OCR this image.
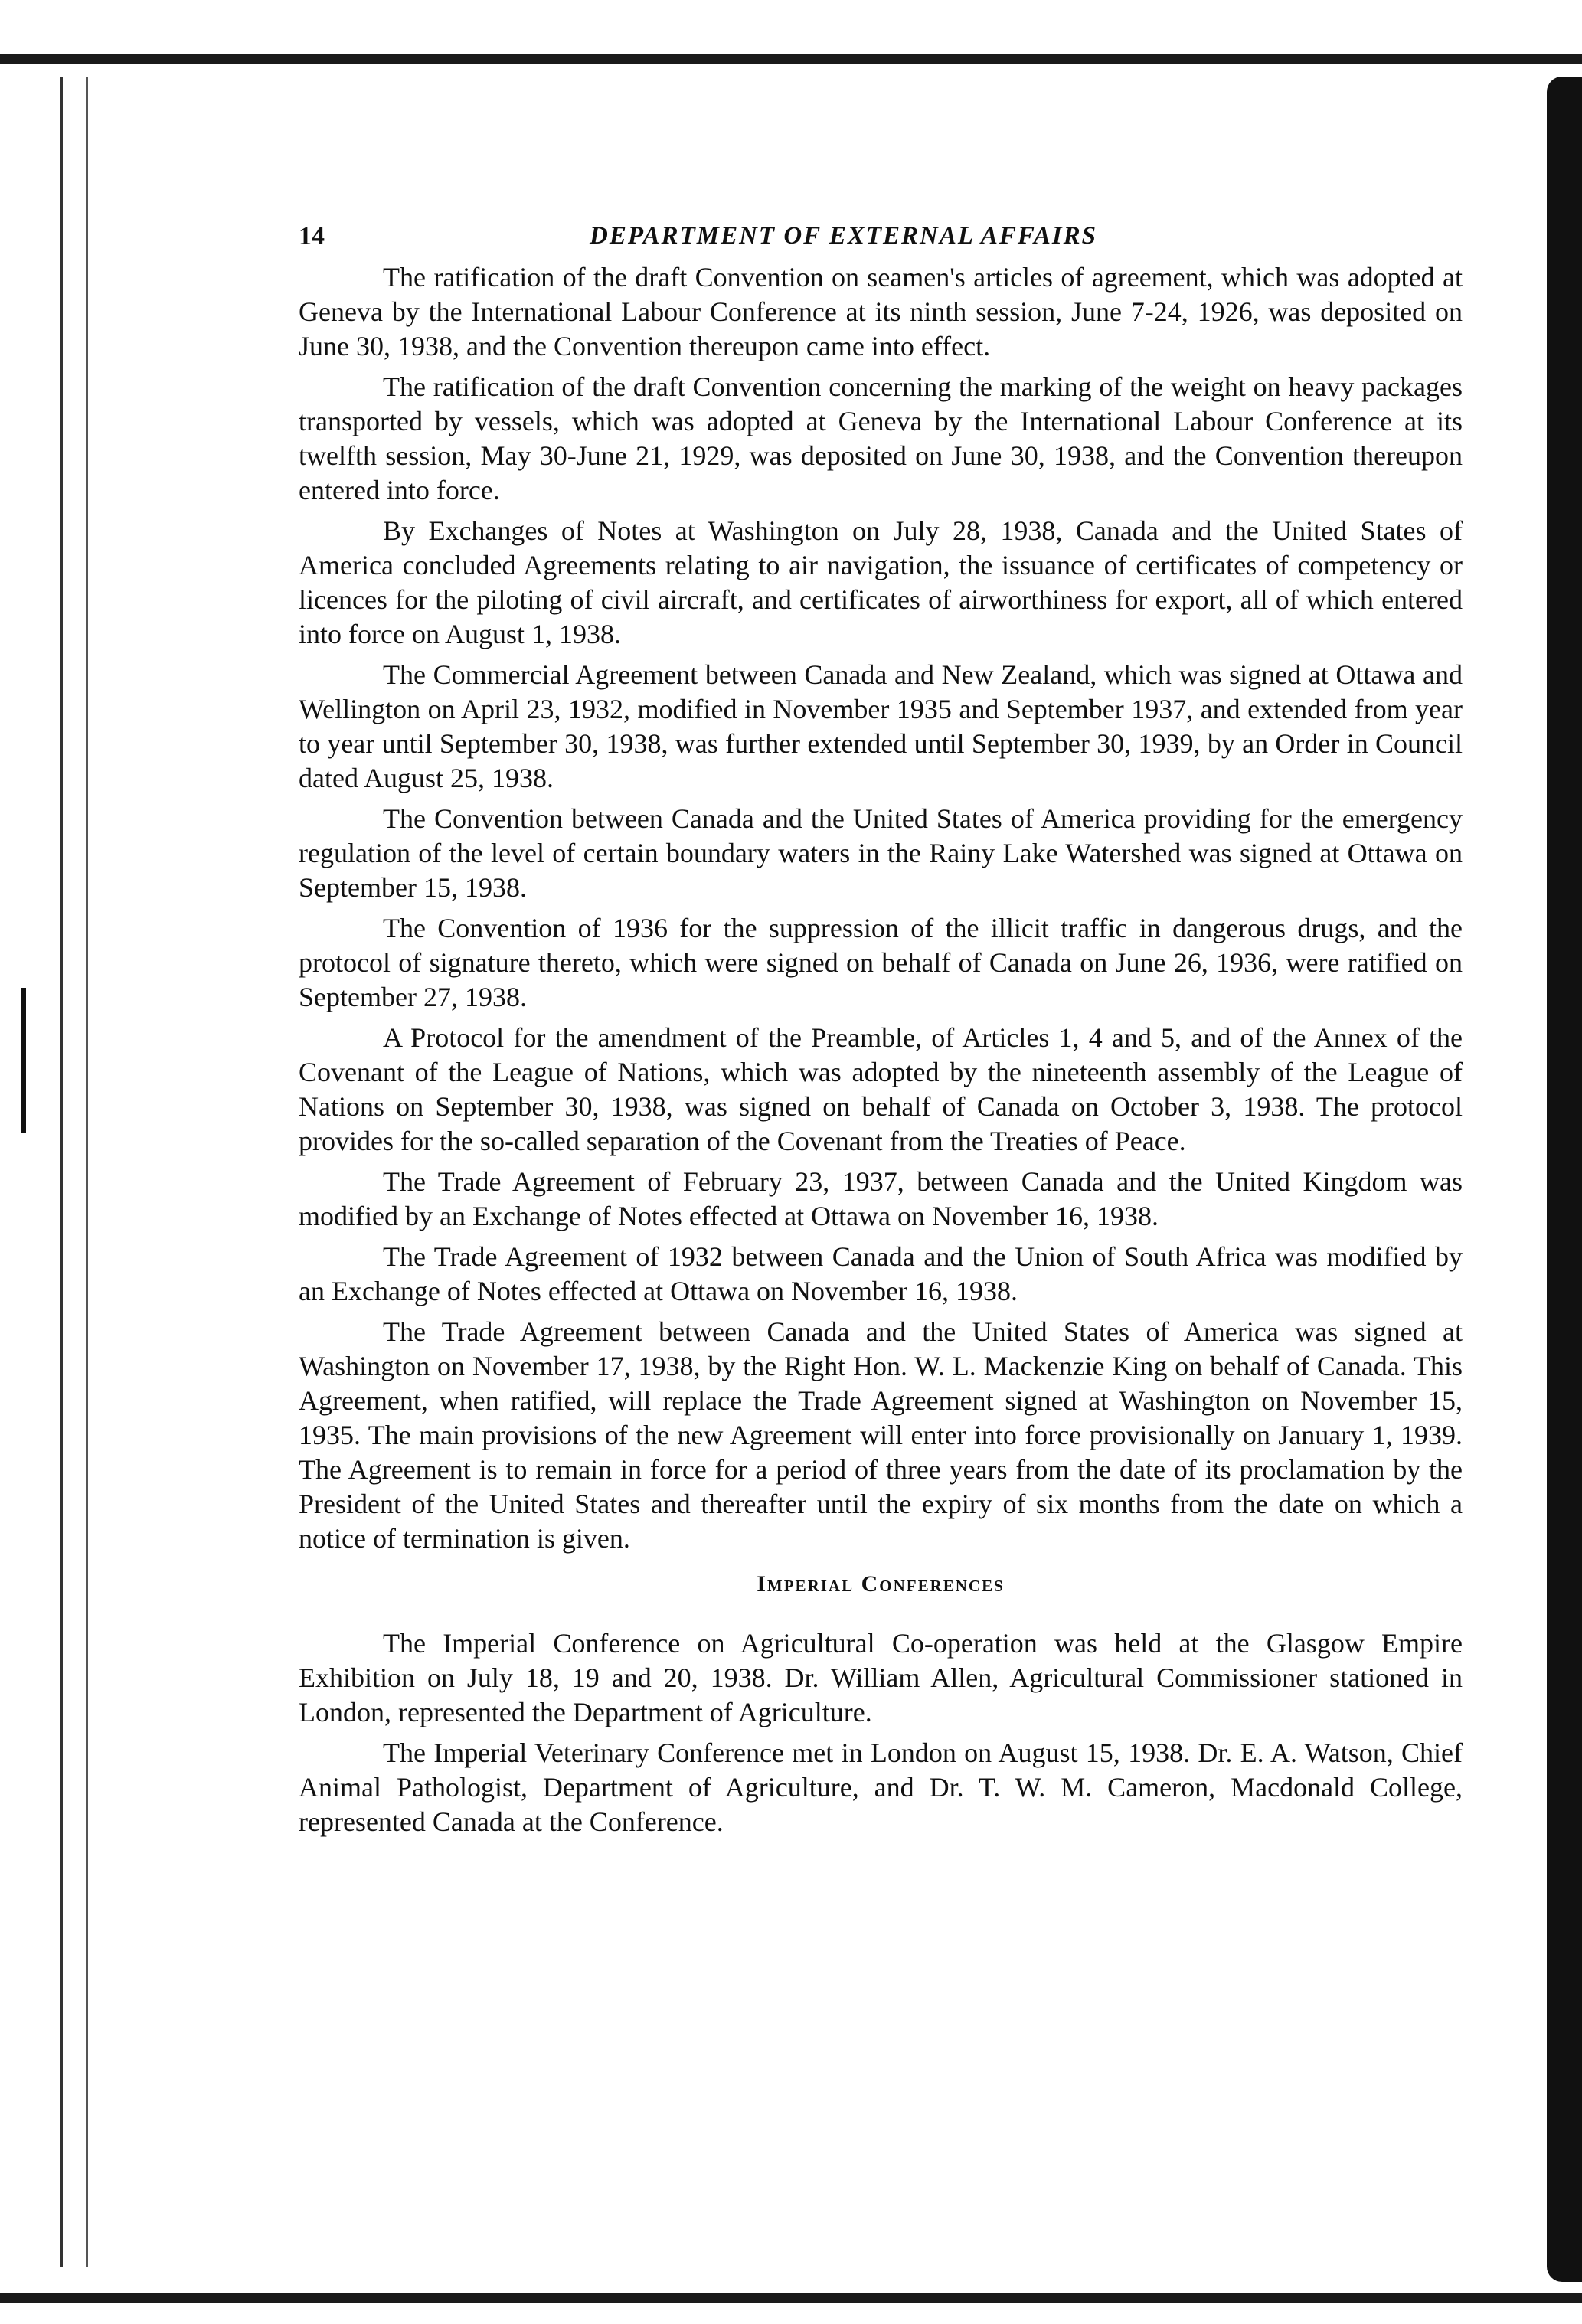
14	DEPARTMENT OF EXTERNAL AFFAIRS

The ratification of the draft Convention on seamen's articles of agreement, which was adopted at Geneva by the International Labour Conference at its ninth session, June 7-24, 1926, was deposited on June 30, 1938, and the Convention thereupon came into effect.

The ratification of the draft Convention concerning the marking of the weight on heavy packages transported by vessels, which was adopted at Geneva by the International Labour Conference at its twelfth session, May 30-June 21, 1929, was deposited on June 30, 1938, and the Convention thereupon entered into force.

By Exchanges of Notes at Washington on July 28, 1938, Canada and the United States of America concluded Agreements relating to air navigation, the issuance of certificates of competency or licences for the piloting of civil aircraft, and certificates of airworthiness for export, all of which entered into force on August 1, 1938.

The Commercial Agreement between Canada and New Zealand, which was signed at Ottawa and Wellington on April 23, 1932, modified in November 1935 and September 1937, and extended from year to year until September 30, 1938, was further extended until September 30, 1939, by an Order in Council dated August 25, 1938.

The Convention between Canada and the United States of America providing for the emergency regulation of the level of certain boundary waters in the Rainy Lake Watershed was signed at Ottawa on September 15, 1938.

The Convention of 1936 for the suppression of the illicit traffic in dangerous drugs, and the protocol of signature thereto, which were signed on behalf of Canada on June 26, 1936, were ratified on September 27, 1938.

A Protocol for the amendment of the Preamble, of Articles 1, 4 and 5, and of the Annex of the Covenant of the League of Nations, which was adopted by the nineteenth assembly of the League of Nations on September 30, 1938, was signed on behalf of Canada on October 3, 1938. The protocol provides for the so-called separation of the Covenant from the Treaties of Peace.

The Trade Agreement of February 23, 1937, between Canada and the United Kingdom was modified by an Exchange of Notes effected at Ottawa on November 16, 1938.

The Trade Agreement of 1932 between Canada and the Union of South Africa was modified by an Exchange of Notes effected at Ottawa on November 16, 1938.

The Trade Agreement between Canada and the United States of America was signed at Washington on November 17, 1938, by the Right Hon. W. L. Mackenzie King on behalf of Canada. This Agreement, when ratified, will replace the Trade Agreement signed at Washington on November 15, 1935. The main provisions of the new Agreement will enter into force provisionally on January 1, 1939. The Agreement is to remain in force for a period of three years from the date of its proclamation by the President of the United States and thereafter until the expiry of six months from the date on which a notice of termination is given.

Imperial Conferences

The Imperial Conference on Agricultural Co-operation was held at the Glasgow Empire Exhibition on July 18, 19 and 20, 1938. Dr. William Allen, Agricultural Commissioner stationed in London, represented the Department of Agriculture.

The Imperial Veterinary Conference met in London on August 15, 1938. Dr. E. A. Watson, Chief Animal Pathologist, Department of Agriculture, and Dr. T. W. M. Cameron, Macdonald College, represented Canada at the Conference.
